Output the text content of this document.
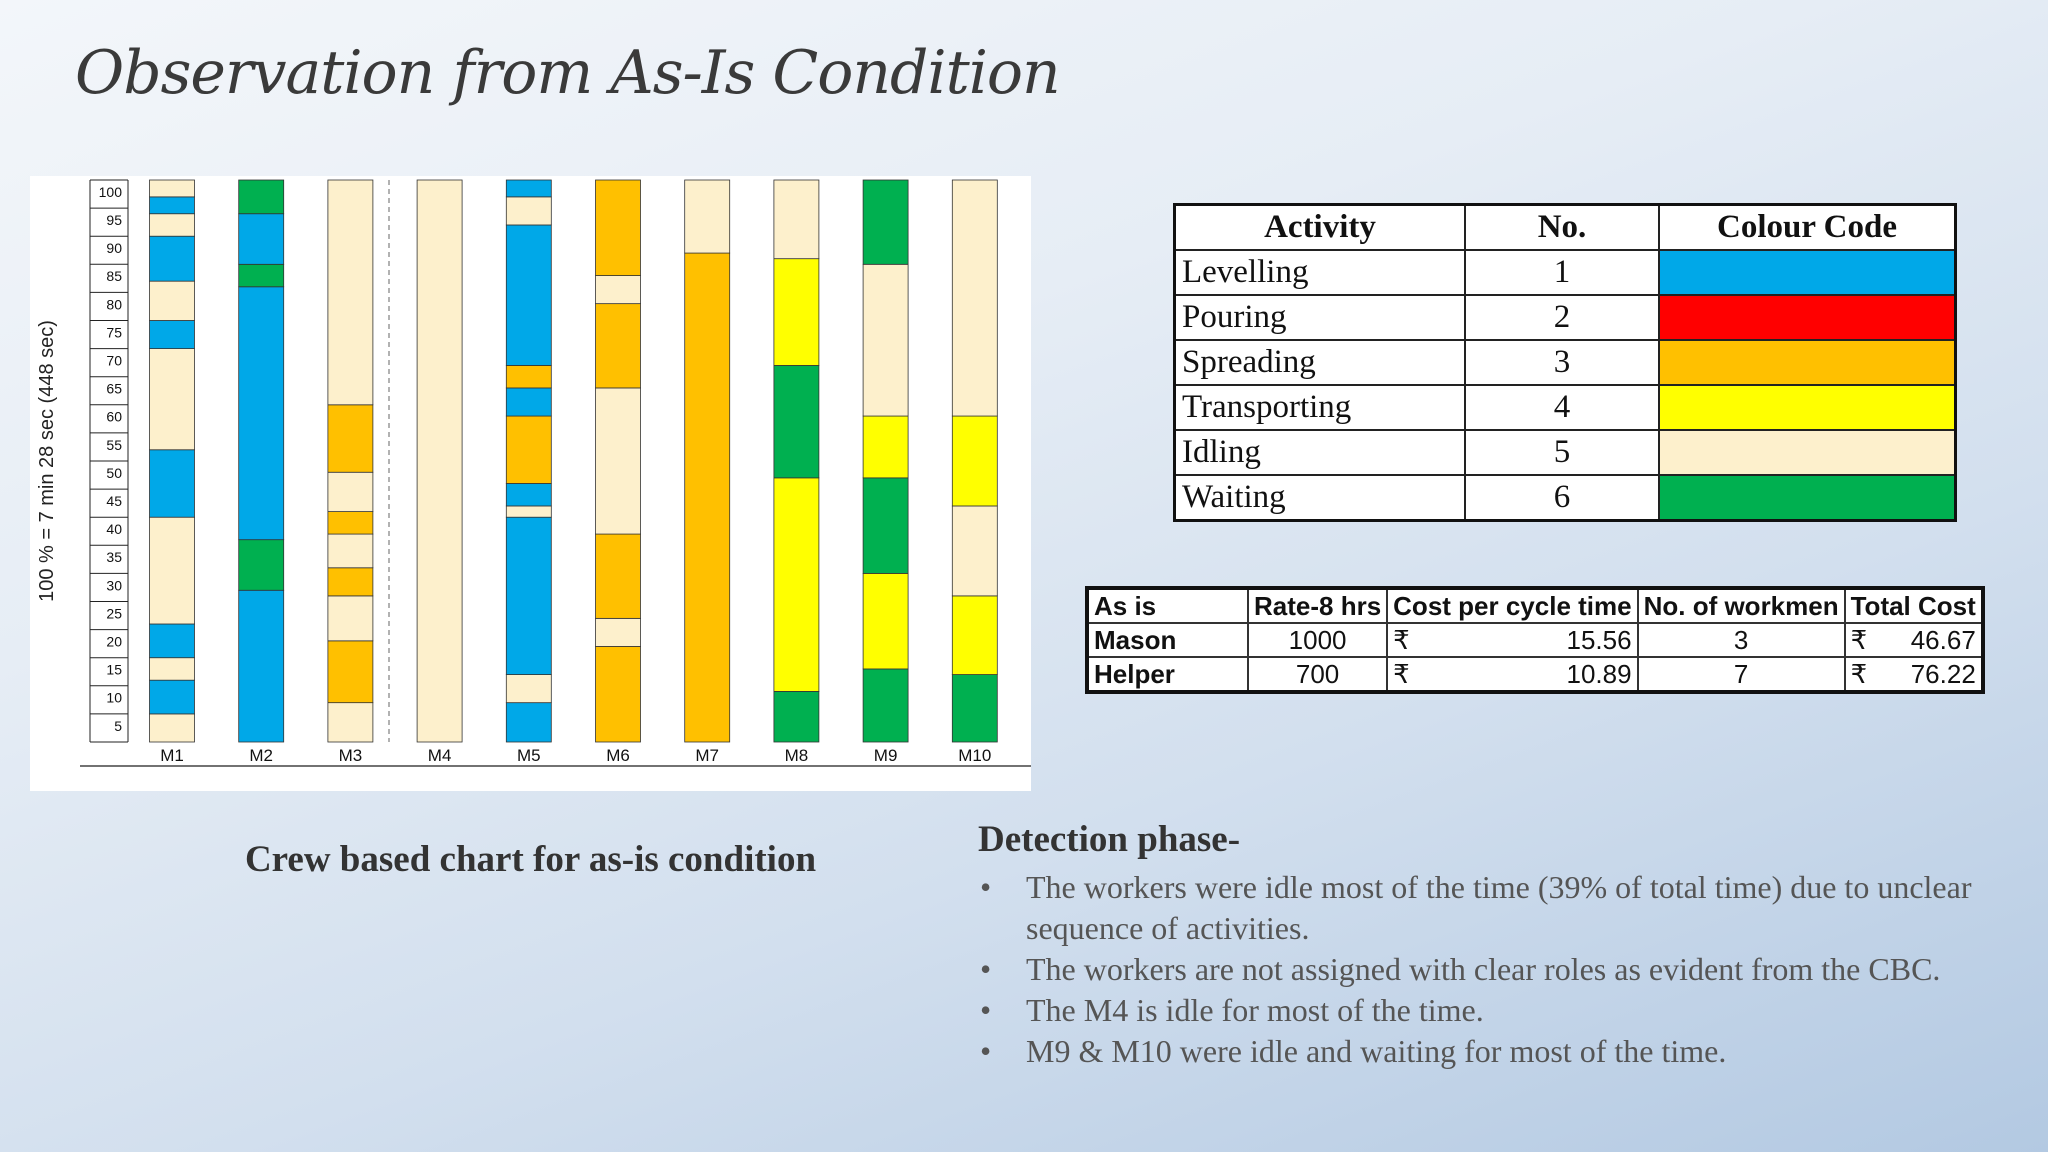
Observation from As-Is Condition
100 % = 7 min 28 sec (448 sec)
5
10
15
20
25
30
35
40
45
50
55
60
65
70
75
80
85
90
95
100
M1	M2	M3	M4	M5	M6	M7	M8	M9	M10
Crew based chart for as-is condition
Activity	No.	Colour Code
Levelling	1	

Pouring	2	

Spreading	3	

Transporting	4	

Idling	5	

Waiting	6	
As is	Rate-8 hrs	Cost per cycle time	No. of workmen	Total Cost
Mason	1000	₹ 15.56	3	₹ 46.67
Helper	700	₹ 10.89	7	₹ 76.22
Detection phase-
• The workers were idle most of the time (39% of total time) due to unclear sequence of activities.
• The workers are not assigned with clear roles as evident from the CBC.
• The M4 is idle for most of the time.
• M9 & M10 were idle and waiting for most of the time.
